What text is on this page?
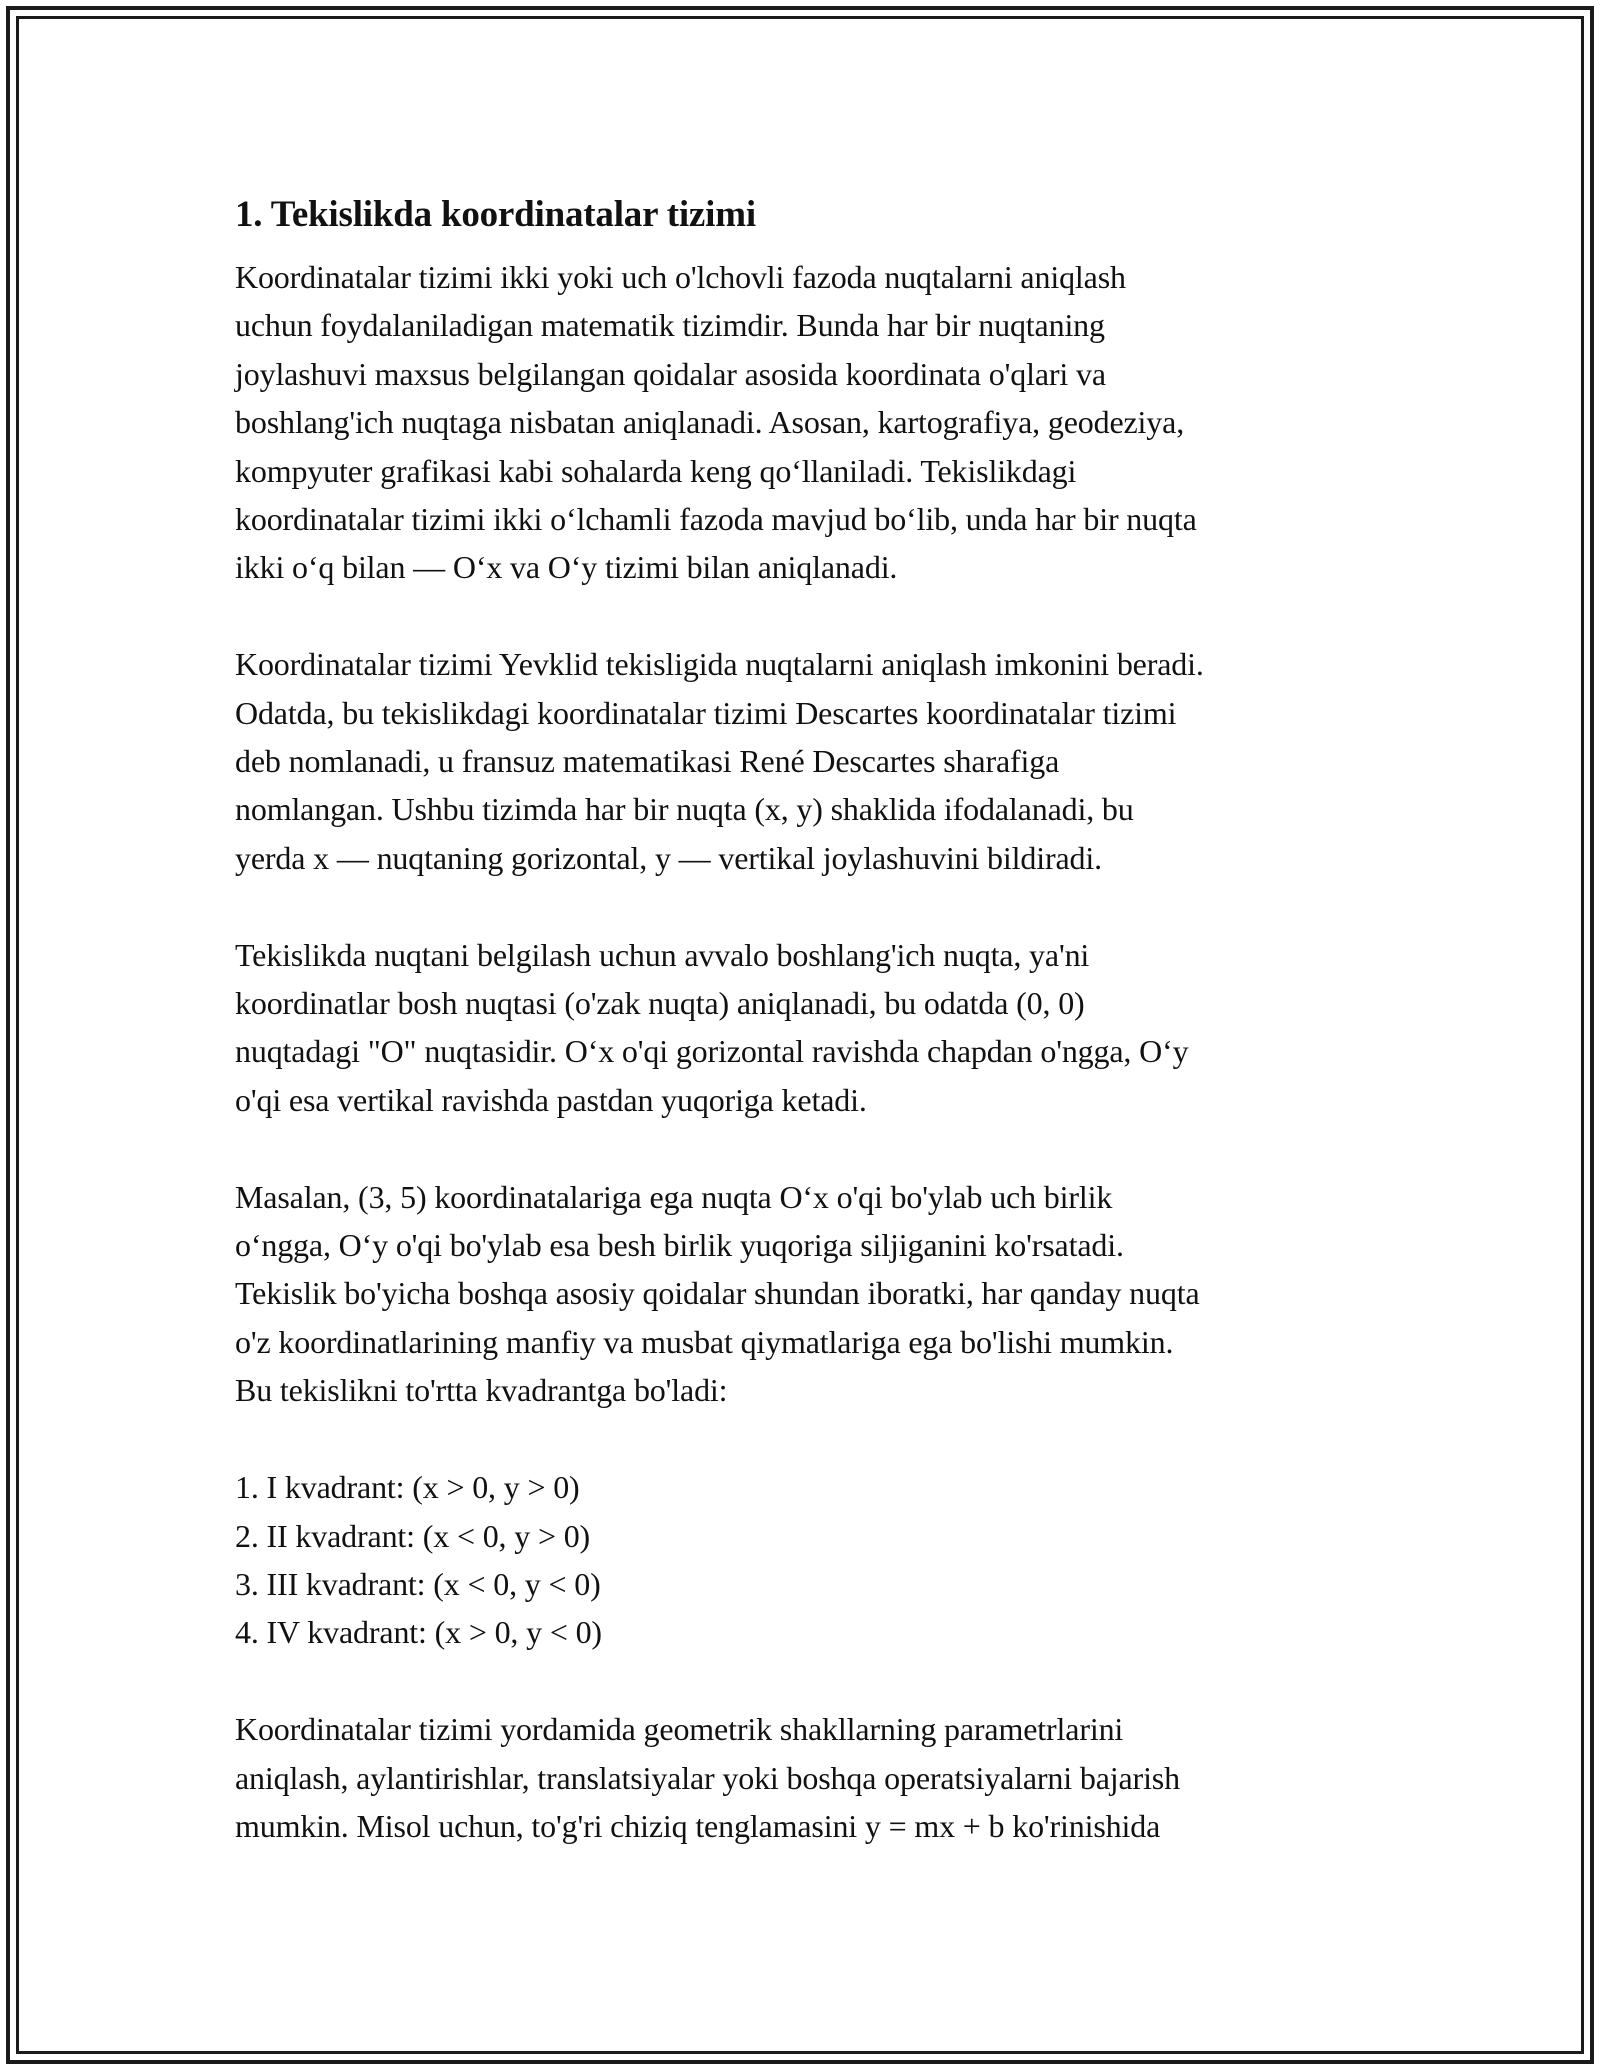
1. Tekislikda koordinatalar tizimi
Koordinatalar tizimi ikki yoki uch o'lchovli fazoda nuqtalarni aniqlash
uchun foydalaniladigan matematik tizimdir. Bunda har bir nuqtaning
joylashuvi maxsus belgilangan qoidalar asosida koordinata o'qlari va
boshlang'ich nuqtaga nisbatan aniqlanadi. Asosan, kartografiya, geodeziya,
kompyuter grafikasi kabi sohalarda keng qo‘llaniladi. Tekislikdagi
koordinatalar tizimi ikki o‘lchamli fazoda mavjud bo‘lib, unda har bir nuqta
ikki o‘q bilan — O‘x va O‘y tizimi bilan aniqlanadi.
Koordinatalar tizimi Yevklid tekisligida nuqtalarni aniqlash imkonini beradi.
Odatda, bu tekislikdagi koordinatalar tizimi Descartes koordinatalar tizimi
deb nomlanadi, u fransuz matematikasi René Descartes sharafiga
nomlangan. Ushbu tizimda har bir nuqta (x, y) shaklida ifodalanadi, bu
yerda x — nuqtaning gorizontal, y — vertikal joylashuvini bildiradi.
Tekislikda nuqtani belgilash uchun avvalo boshlang'ich nuqta, ya'ni
koordinatlar bosh nuqtasi (o'zak nuqta) aniqlanadi, bu odatda (0, 0)
nuqtadagi "O" nuqtasidir. O‘x o'qi gorizontal ravishda chapdan o'ngga, O‘y
o'qi esa vertikal ravishda pastdan yuqoriga ketadi.
Masalan, (3, 5) koordinatalariga ega nuqta O‘x o'qi bo'ylab uch birlik
o‘ngga, O‘y o'qi bo'ylab esa besh birlik yuqoriga siljiganini ko'rsatadi.
Tekislik bo'yicha boshqa asosiy qoidalar shundan iboratki, har qanday nuqta
o'z koordinatlarining manfiy va musbat qiymatlariga ega bo'lishi mumkin.
Bu tekislikni to'rtta kvadrantga bo'ladi:
1. I kvadrant: (x > 0, y > 0)
2. II kvadrant: (x < 0, y > 0)
3. III kvadrant: (x < 0, y < 0)
4. IV kvadrant: (x > 0, y < 0)
Koordinatalar tizimi yordamida geometrik shakllarning parametrlarini
aniqlash, aylantirishlar, translatsiyalar yoki boshqa operatsiyalarni bajarish
mumkin. Misol uchun, to'g'ri chiziq tenglamasini y = mx + b ko'rinishida
